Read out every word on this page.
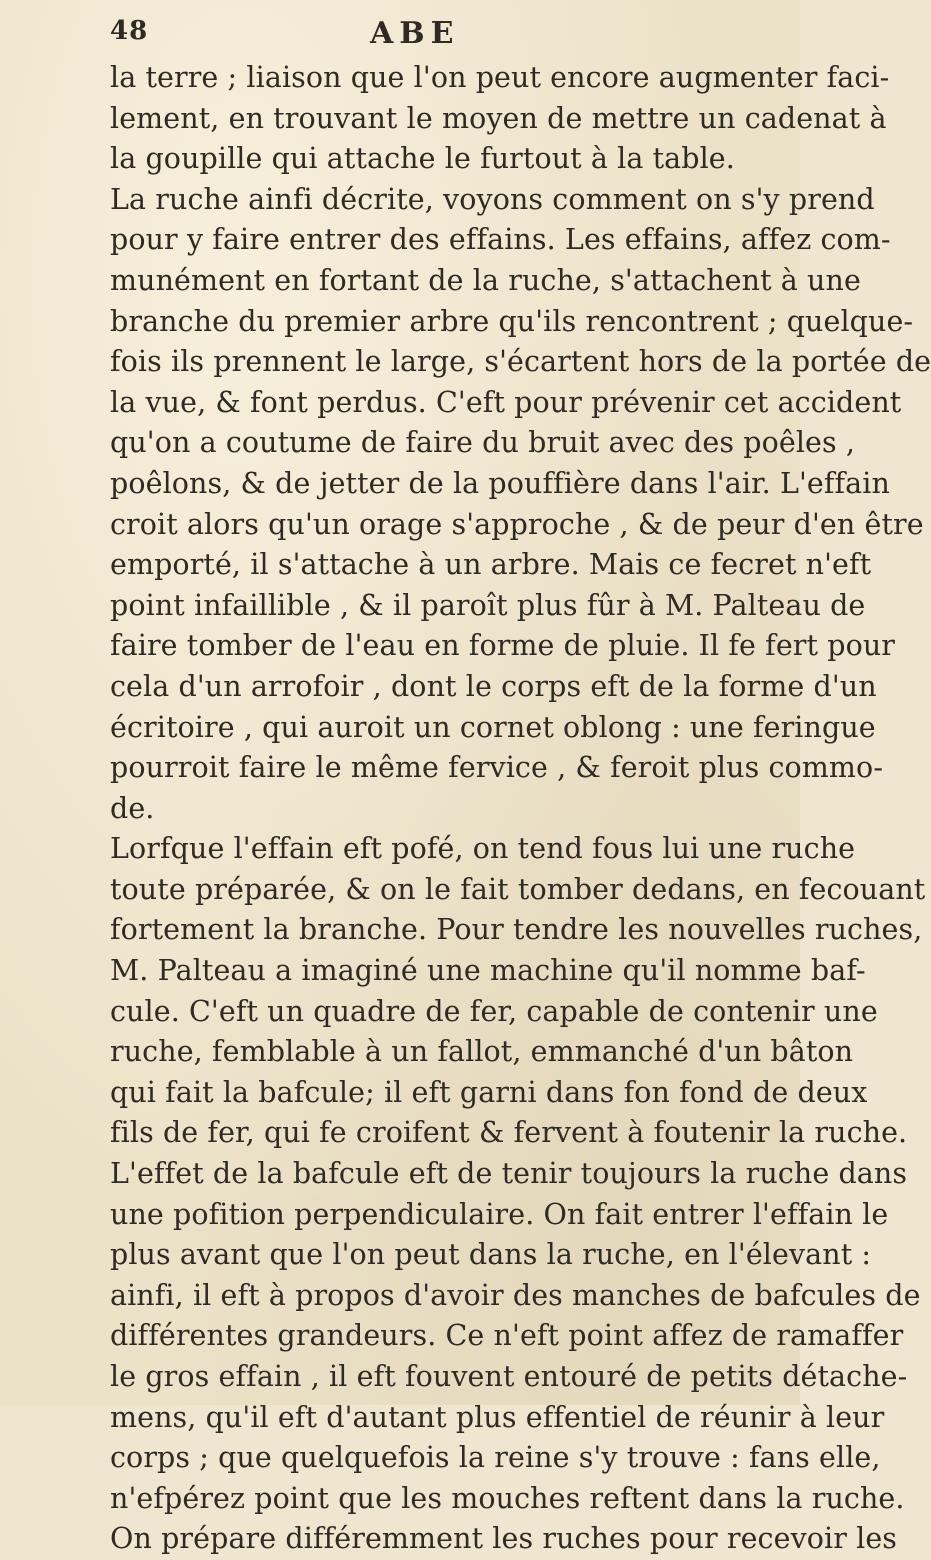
48	ABE
la terre ; liaison que l'on peut encore augmenter faci-
lement, en trouvant le moyen de mettre un cadenat à
la goupille qui attache le furtout à la table.
La ruche ainfi décrite, voyons comment on s'y prend
pour y faire entrer des effains. Les effains, affez com-
munément en fortant de la ruche, s'attachent à une
branche du premier arbre qu'ils rencontrent ; quelque-
fois ils prennent le large, s'écartent hors de la portée de
la vue, & font perdus. C'eft pour prévenir cet accident
qu'on a coutume de faire du bruit avec des poêles ,
poêlons, & de jetter de la pouffière dans l'air. L'effain
croit alors qu'un orage s'approche , & de peur d'en être
emporté, il s'attache à un arbre. Mais ce fecret n'eft
point infaillible , & il paroît plus fûr à M. Palteau de
faire tomber de l'eau en forme de pluie. Il fe fert pour
cela d'un arrofoir , dont le corps eft de la forme d'un
écritoire , qui auroit un cornet oblong : une feringue
pourroit faire le même fervice , & feroit plus commo-
de.
Lorfque l'effain eft pofé, on tend fous lui une ruche
toute préparée, & on le fait tomber dedans, en fecouant
fortement la branche. Pour tendre les nouvelles ruches,
M. Palteau a imaginé une machine qu'il nomme baf-
cule. C'eft un quadre de fer, capable de contenir une
ruche, femblable à un fallot, emmanché d'un bâton
qui fait la bafcule; il eft garni dans fon fond de deux
fils de fer, qui fe croifent & fervent à foutenir la ruche.
L'effet de la bafcule eft de tenir toujours la ruche dans
une pofition perpendiculaire. On fait entrer l'effain le
plus avant que l'on peut dans la ruche, en l'élevant :
ainfi, il eft à propos d'avoir des manches de bafcules de
différentes grandeurs. Ce n'eft point affez de ramaffer
le gros effain , il eft fouvent entouré de petits détache-
mens, qu'il eft d'autant plus effentiel de réunir à leur
corps ; que quelquefois la reine s'y trouve : fans elle,
n'efpérez point que les mouches reftent dans la ruche.
On prépare différemment les ruches pour recevoir les
